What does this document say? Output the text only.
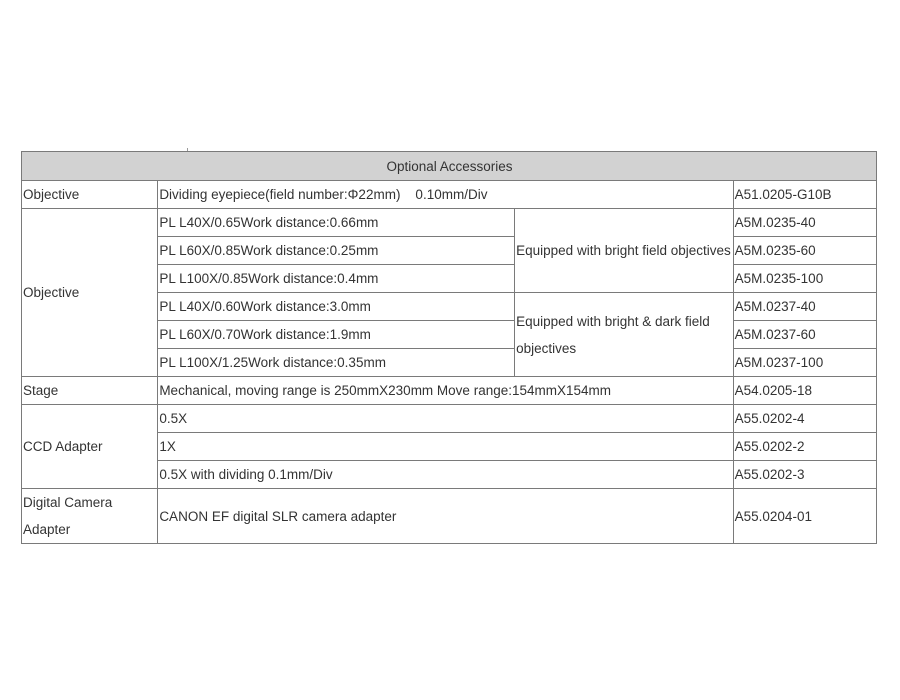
Optional Accessories			
Objective	Dividing eyepiece(field number:Φ22mm)    0.10mm/Div		A51.0205-G10B
Objective	PL L40X/0.65Work distance:0.66mm	Equipped with bright field objectives	A5M.0235-40
	PL L60X/0.85Work distance:0.25mm		A5M.0235-60
	PL L100X/0.85Work distance:0.4mm		A5M.0235-100
	PL L40X/0.60Work distance:3.0mm	Equipped with bright & dark field objectives	A5M.0237-40
	PL L60X/0.70Work distance:1.9mm		A5M.0237-60
	PL L100X/1.25Work distance:0.35mm		A5M.0237-100
Stage	Mechanical, moving range is 250mmX230mm Move range:154mmX154mm		A54.0205-18
CCD Adapter	0.5X		A55.0202-4
	1X		A55.0202-2
	0.5X with dividing 0.1mm/Div		A55.0202-3
Digital Camera Adapter	CANON EF digital SLR camera adapter		A55.0204-01
